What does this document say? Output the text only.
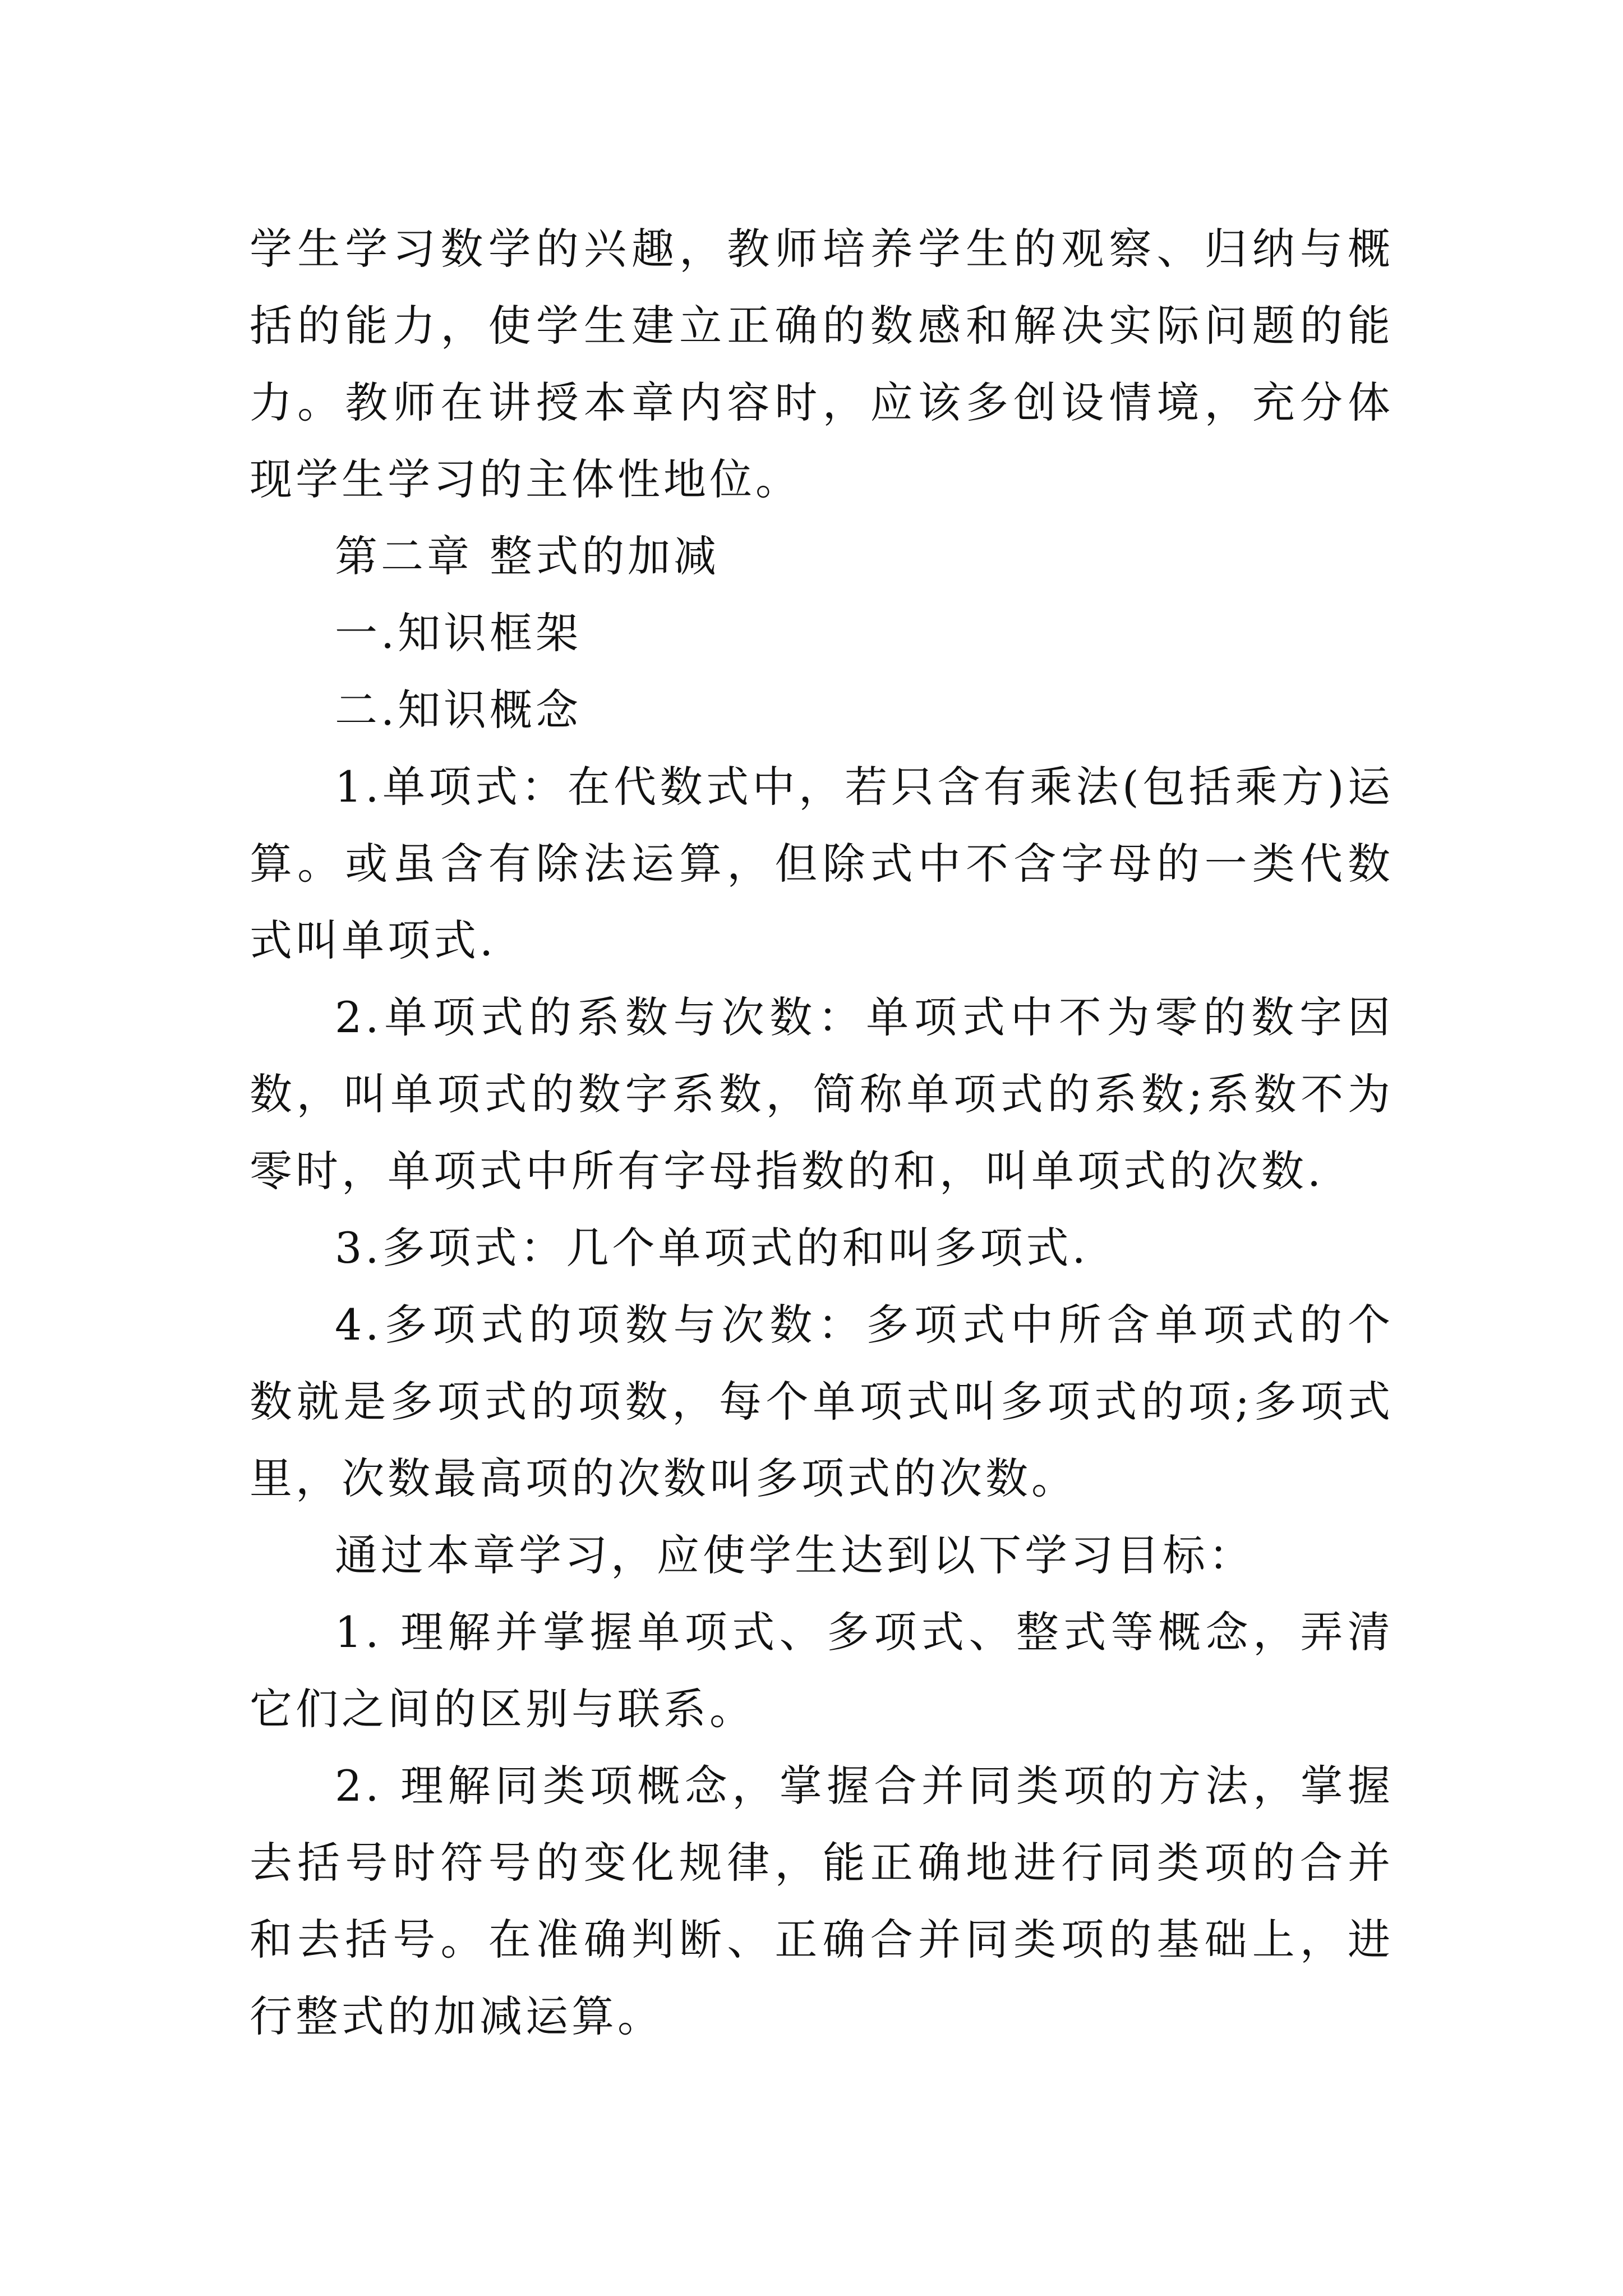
学生学习数学的兴趣，教师培养学生的观察、归纳与概括的能力，使学生建立正确的数感和解决实际问题的能力。教师在讲授本章内容时，应该多创设情境，充分体现学生学习的主体性地位。

第二章 整式的加减

一.知识框架

二.知识概念

1.单项式：在代数式中，若只含有乘法(包括乘方)运算。或虽含有除法运算，但除式中不含字母的一类代数式叫单项式.

2.单项式的系数与次数：单项式中不为零的数字因数，叫单项式的数字系数，简称单项式的系数;系数不为零时，单项式中所有字母指数的和，叫单项式的次数.

3.多项式：几个单项式的和叫多项式.

4.多项式的项数与次数：多项式中所含单项式的个数就是多项式的项数，每个单项式叫多项式的项;多项式里，次数最高项的次数叫多项式的次数。

通过本章学习，应使学生达到以下学习目标：

1. 理解并掌握单项式、多项式、整式等概念，弄清它们之间的区别与联系。

2. 理解同类项概念，掌握合并同类项的方法，掌握去括号时符号的变化规律，能正确地进行同类项的合并和去括号。在准确判断、正确合并同类项的基础上，进行整式的加减运算。
